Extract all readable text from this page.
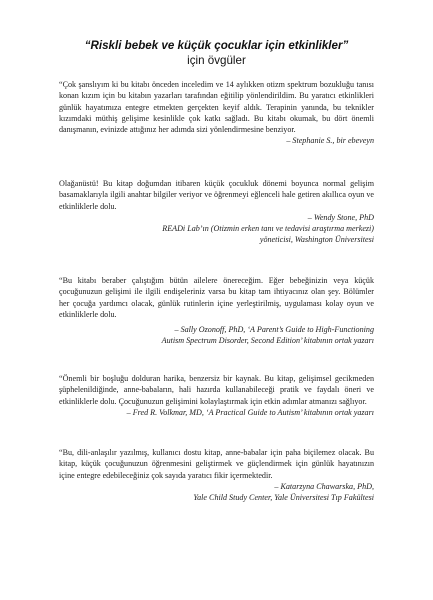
“Riskli bebek ve küçük çocuklar için etkinlikler”
için övgüler

“Çok şanslıyım ki bu kitabı önceden inceledim ve 14 aylıkken otizm spektrum bozukluğu tanısı konan kızım için bu kitabın yazarları tarafından eğitilip yönlendirildim. Bu yaratıcı etkinlikleri günlük hayatımıza entegre etmekten gerçekten keyif aldık. Terapinin yanında, bu teknikler kızımdaki müthiş gelişime kesinlikle çok katkı sağladı. Bu kitabı okumak, bu dört önemli danışmanın, evinizde attığınız her adımda sizi yönlendirmesine benziyor.

– Stephanie S., bir ebeveyn

Olağanüstü! Bu kitap doğumdan itibaren küçük çocukluk dönemi boyunca normal gelişim basamaklarıyla ilgili anahtar bilgiler veriyor ve öğrenmeyi eğlenceli hale getiren akıllıca oyun ve etkinliklerle dolu.

– Wendy Stone, PhD

READi Lab’ın (Otizmin erken tanı ve tedavisi araştırma merkezi)

yöneticisi, Washington Üniversitesi

“Bu kitabı beraber çalıştığım bütün ailelere önereceğim. Eğer bebeğinizin veya küçük çocuğunuzun gelişimi ile ilgili endişeleriniz varsa bu kitap tam ihtiyacınız olan şey. Bölümler her çocuğa yardımcı olacak, günlük rutinlerin içine yerleştirilmiş, uygulaması kolay oyun ve etkinliklerle dolu.

– Sally Ozonoff, PhD, ‘A Parent’s Guide to High-Functioning

Autism Spectrum Disorder, Second Edition’ kitabının ortak yazarı

“Önemli bir boşluğu dolduran harika, benzersiz bir kaynak. Bu kitap, gelişimsel gecikmeden şüphelenildiğinde, anne-babaların, hali hazırda kullanabileceği pratik ve faydalı öneri ve etkinliklerle dolu. Çocuğunuzun gelişimini kolaylaştırmak için etkin adımlar atmanızı sağlıyor.

– Fred R. Volkmar, MD, ‘A Practical Guide to Autism’ kitabının ortak yazarı

“Bu, dili-anlaşılır yazılmış, kullanıcı dostu kitap, anne-babalar için paha biçilemez olacak. Bu kitap, küçük çocuğunuzun öğrenmesini geliştirmek ve güçlendirmek için günlük hayatınızın içine entegre edebileceğiniz çok sayıda yaratıcı fikir içermektedir.

– Katarzyna Chawarska, PhD,

Yale Child Study Center, Yale Üniversitesi Tıp Fakültesi
